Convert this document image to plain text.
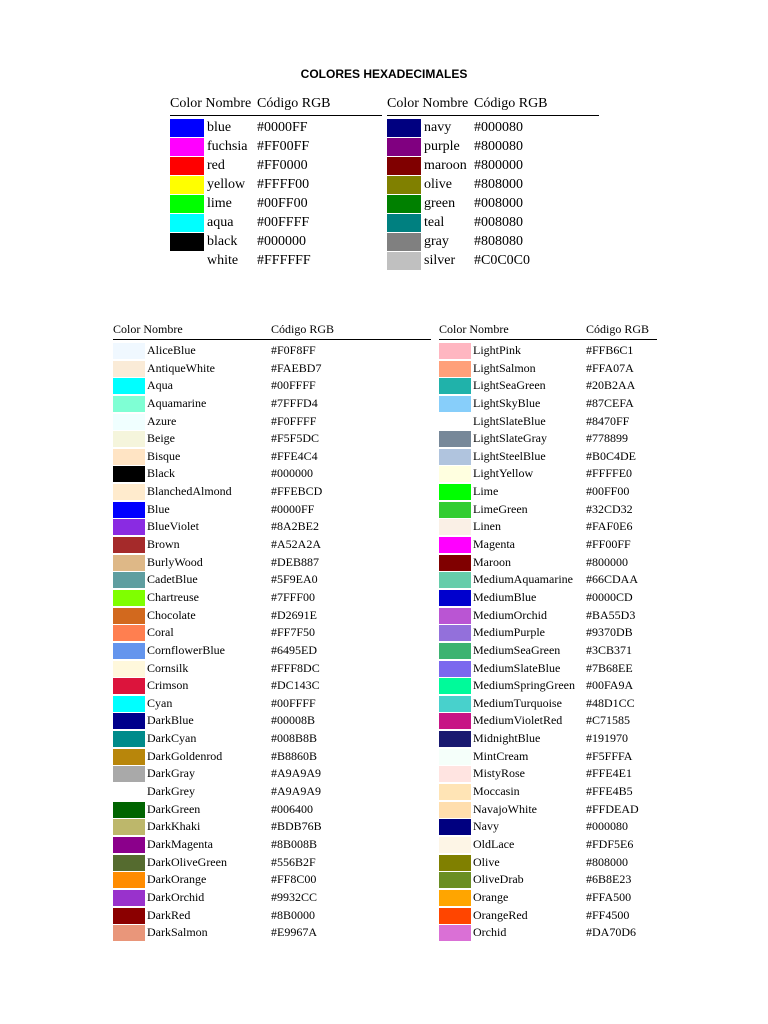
COLORES HEXADECIMALES
Color Nombre Código RGB
blue #0000FF
fuchsia #FF00FF
red #FF0000
yellow #FFFF00
lime #00FF00
aqua #00FFFF
black #000000
white #FFFFFF
Color Nombre Código RGB
navy #000080
purple #800080
maroon #800000
olive #808000
green #008000
teal #008080
gray #808080
silver #C0C0C0
Color Nombre	Código RGB
AliceBlue	#F0F8FF
AntiqueWhite	#FAEBD7
Aqua	#00FFFF
Aquamarine	#7FFFD4
Azure	#F0FFFF
Beige	#F5F5DC
Bisque	#FFE4C4
Black	#000000
BlanchedAlmond	#FFEBCD
Blue	#0000FF
BlueViolet	#8A2BE2
Brown	#A52A2A
BurlyWood	#DEB887
CadetBlue	#5F9EA0
Chartreuse	#7FFF00
Chocolate	#D2691E
Coral	#FF7F50
CornflowerBlue	#6495ED
Cornsilk	#FFF8DC
Crimson	#DC143C
Cyan	#00FFFF
DarkBlue	#00008B
DarkCyan	#008B8B
DarkGoldenrod	#B8860B
DarkGray	#A9A9A9
DarkGrey	#A9A9A9
DarkGreen	#006400
DarkKhaki	#BDB76B
DarkMagenta	#8B008B
DarkOliveGreen	#556B2F
DarkOrange	#FF8C00
DarkOrchid	#9932CC
DarkRed	#8B0000
DarkSalmon	#E9967A
Color Nombre	Código RGB
LightPink	#FFB6C1
LightSalmon	#FFA07A
LightSeaGreen	#20B2AA
LightSkyBlue	#87CEFA
LightSlateBlue	#8470FF
LightSlateGray	#778899
LightSteelBlue	#B0C4DE
LightYellow	#FFFFE0
Lime	#00FF00
LimeGreen	#32CD32
Linen	#FAF0E6
Magenta	#FF00FF
Maroon	#800000
MediumAquamarine #66CDAA
MediumBlue	#0000CD
MediumOrchid	#BA55D3
MediumPurple	#9370DB
MediumSeaGreen #3CB371
MediumSlateBlue #7B68EE
MediumSpringGreen #00FA9A
MediumTurquoise #48D1CC
MediumVioletRed #C71585
MidnightBlue	#191970
MintCream	#F5FFFA
MistyRose	#FFE4E1
Moccasin	#FFE4B5
NavajoWhite	#FFDEAD
Navy	#000080
OldLace	#FDF5E6
Olive	#808000
OliveDrab	#6B8E23
Orange	#FFA500
OrangeRed	#FF4500
Orchid	#DA70D6
